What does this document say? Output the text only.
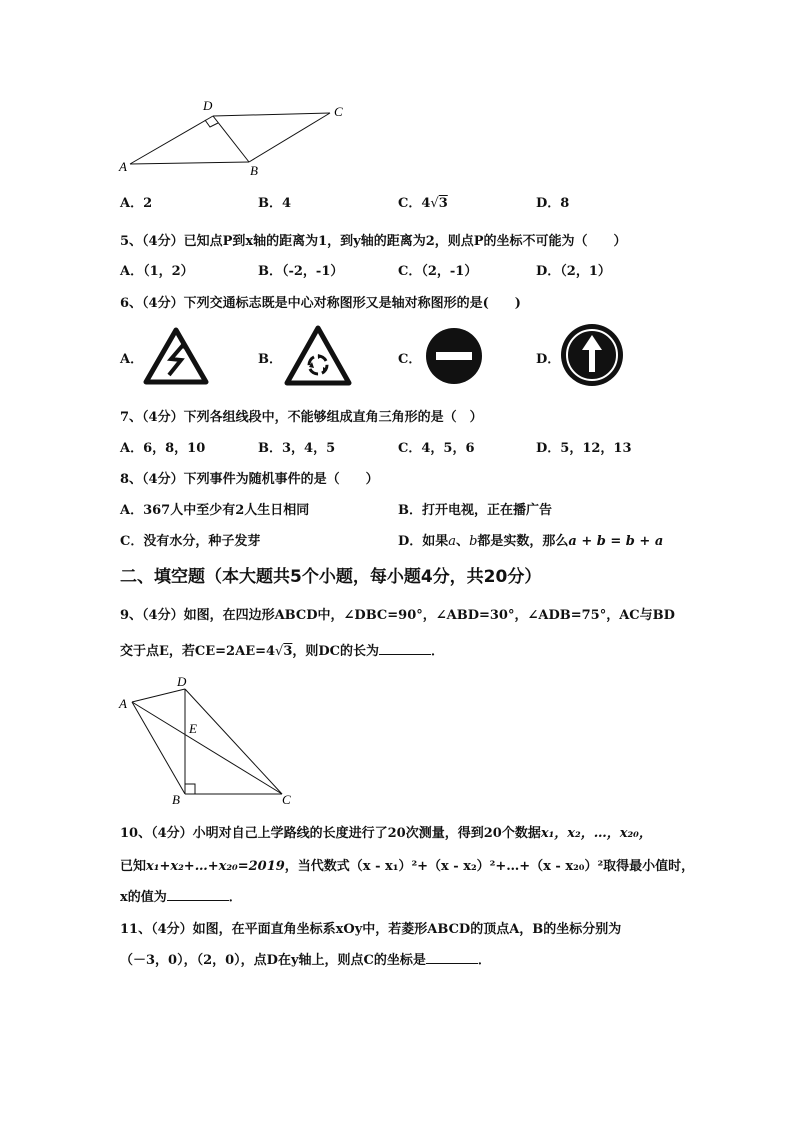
A
D	C
B
A．2	B．4	C．4√3	D．8
5、（4分）已知点P到x轴的距离为1，到y轴的距离为2，则点P的坐标不可能为（　　）
A．（1，2）	B．（-2，-1）	C．（2，-1）	D．（2，1）
6、（4分）下列交通标志既是中心对称图形又是轴对称图形的是(　　)
A．	B．	C．	D．
7、（4分）下列各组线段中，不能够组成直角三角形的是（　）
A．6，8，10	B．3，4，5	C．4，5，6	D．5，12，13
8、（4分）下列事件为随机事件的是（　　）
A．367人中至少有2人生日相同	B．打开电视，正在播广告
C．没有水分，种子发芽	D．如果a、b都是实数，那么a + b = b + a
二、填空题（本大题共5个小题，每小题4分，共20分）
9、（4分）如图，在四边形ABCD中，∠DBC=90°，∠ABD=30°，∠ADB=75°，AC与BD
交于点E，若CE=2AE=4√3，则DC的长为	．
A
D
E
B	C
10、（4分）小明对自己上学路线的长度进行了20次测量，得到20个数据x₁，x₂，…，x₂₀，
已知x₁+x₂+…+x₂₀=2019，当代数式（x - x₁）²+（x - x₂）²+…+（x - x₂₀）²取得最小值时，
x的值为	．
11、（4分）如图，在平面直角坐标系xOy中，若菱形ABCD的顶点A，B的坐标分别为
（－3，0），（2，0），点D在y轴上，则点C的坐标是	．
